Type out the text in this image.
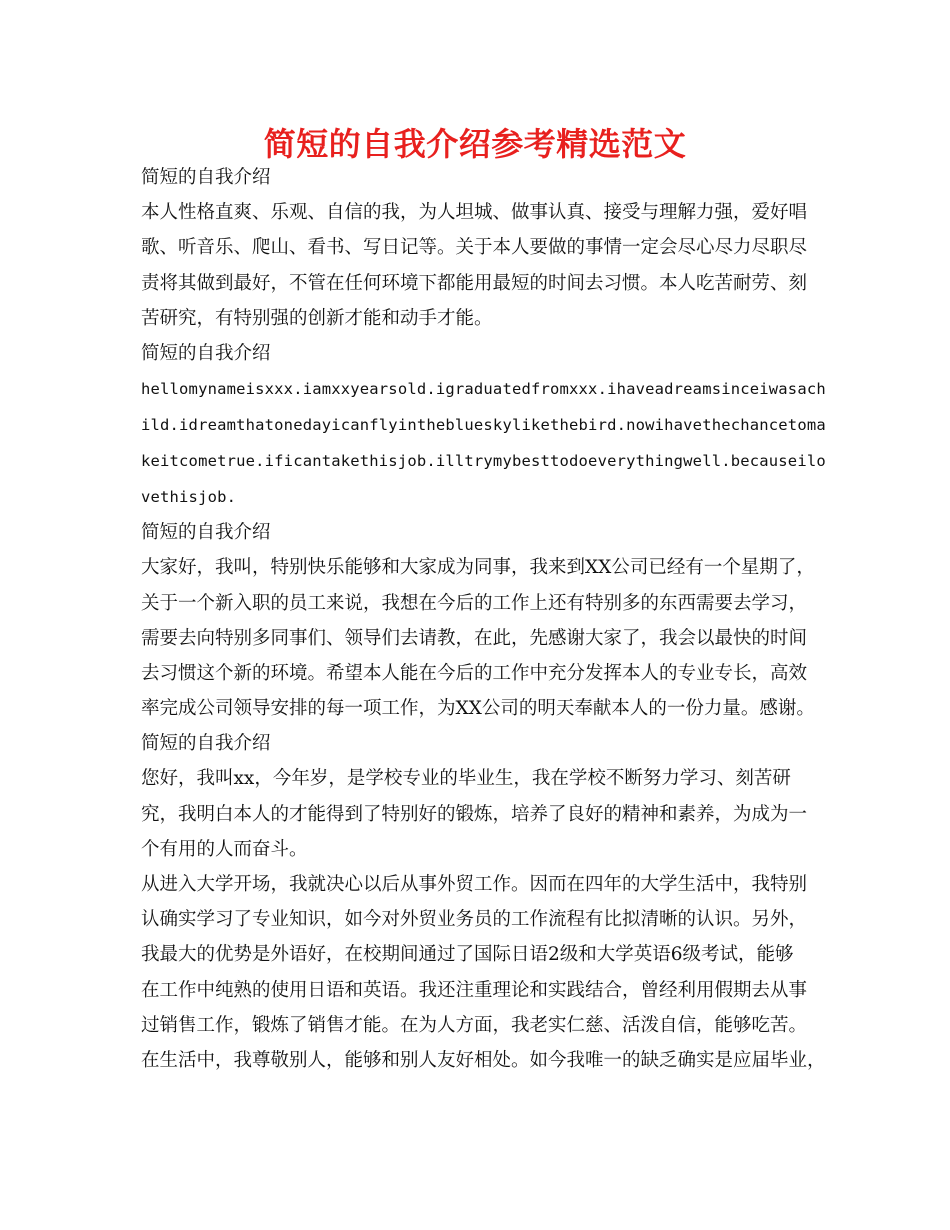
简短的自我介绍参考精选范文
简短的自我介绍
本人性格直爽、乐观、自信的我，为人坦城、做事认真、接受与理解力强，爱好唱
歌、听音乐、爬山、看书、写日记等。关于本人要做的事情一定会尽心尽力尽职尽
责将其做到最好，不管在任何环境下都能用最短的时间去习惯。本人吃苦耐劳、刻
苦研究，有特别强的创新才能和动手才能。
简短的自我介绍
hellomynameisxxx.iamxxyearsold.igraduatedfromxxx.ihaveadreamsinceiwasach
ild.idreamthatonedayicanflyintheblueskylikethebird.nowihavethechancetoma
keitcometrue.ificantakethisjob.illtrymybesttodoeverythingwell.becauseilo
vethisjob.
简短的自我介绍
大家好，我叫，特别快乐能够和大家成为同事，我来到XX公司已经有一个星期了，
关于一个新入职的员工来说，我想在今后的工作上还有特别多的东西需要去学习，
需要去向特别多同事们、领导们去请教，在此，先感谢大家了，我会以最快的时间
去习惯这个新的环境。希望本人能在今后的工作中充分发挥本人的专业专长，高效
率完成公司领导安排的每一项工作，为XX公司的明天奉献本人的一份力量。感谢。
简短的自我介绍
您好，我叫xx，今年岁，是学校专业的毕业生，我在学校不断努力学习、刻苦研
究，我明白本人的才能得到了特别好的锻炼，培养了良好的精神和素养，为成为一
个有用的人而奋斗。
从进入大学开场，我就决心以后从事外贸工作。因而在四年的大学生活中，我特别
认确实学习了专业知识，如今对外贸业务员的工作流程有比拟清晰的认识。另外，
我最大的优势是外语好，在校期间通过了国际日语2级和大学英语6级考试，能够
在工作中纯熟的使用日语和英语。我还注重理论和实践结合，曾经利用假期去从事
过销售工作，锻炼了销售才能。在为人方面，我老实仁慈、活泼自信，能够吃苦。
在生活中，我尊敬别人，能够和别人友好相处。如今我唯一的缺乏确实是应届毕业，
